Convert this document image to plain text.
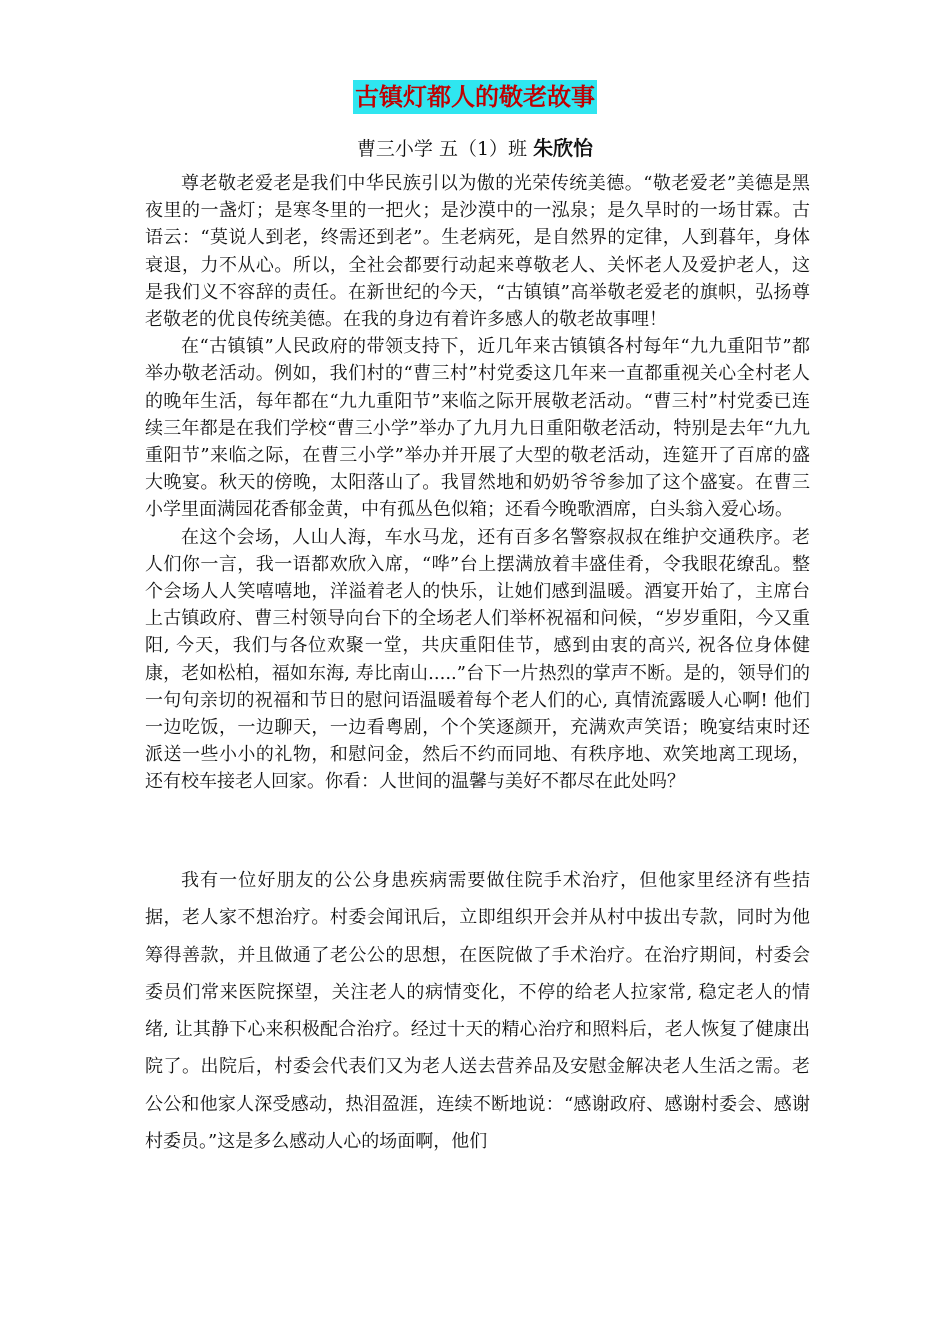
古镇灯都人的敬老故事
曹三小学 五（1）班 朱欣怡

尊老敬老爱老是我们中华民族引以为傲的光荣传统美德。“敬老爱老”美德是黑夜里的一盏灯；是寒冬里的一把火；是沙漠中的一泓泉；是久旱时的一场甘霖。古语云：“莫说人到老，终需还到老”。生老病死，是自然界的定律，人到暮年，身体衰退，力不从心。所以，全社会都要行动起来尊敬老人、关怀老人及爱护老人，这是我们义不容辞的责任。在新世纪的今天，“古镇镇”高举敬老爱老的旗帜，弘扬尊老敬老的优良传统美德。在我的身边有着许多感人的敬老故事哩！

在“古镇镇”人民政府的带领支持下，近几年来古镇镇各村每年“九九重阳节”都举办敬老活动。例如，我们村的“曹三村”村党委这几年来一直都重视关心全村老人的晚年生活，每年都在“九九重阳节”来临之际开展敬老活动。“曹三村”村党委已连续三年都是在我们学校“曹三小学”举办了九月九日重阳敬老活动，特别是去年“九九重阳节”来临之际，在曹三小学”举办并开展了大型的敬老活动，连筵开了百席的盛大晚宴。秋天的傍晚，太阳落山了。我冒然地和奶奶爷爷参加了这个盛宴。在曹三小学里面满园花香郁金黄，中有孤丛色似箱；还看今晚歌酒席，白头翁入爱心场。

在这个会场，人山人海，车水马龙，还有百多名警察叔叔在维护交通秩序。老人们你一言，我一语都欢欣入席，“哗”台上摆满放着丰盛佳肴，令我眼花缭乱。整个会场人人笑嘻嘻地，洋溢着老人的快乐，让她们感到温暖。酒宴开始了，主席台上古镇政府、曹三村领导向台下的全场老人们举杯祝福和问候，“岁岁重阳，今又重阳, 今天，我们与各位欢聚一堂，共庆重阳佳节，感到由衷的高兴, 祝各位身体健康，老如松柏，福如东海, 寿比南山.....”台下一片热烈的掌声不断。是的，领导们的一句句亲切的祝福和节日的慰问语温暖着每个老人们的心, 真情流露暖人心啊! 他们一边吃饭，一边聊天，一边看粤剧，个个笑逐颜开，充满欢声笑语；晚宴结束时还派送一些小小的礼物，和慰问金，然后不约而同地、有秩序地、欢笑地离工现场，还有校车接老人回家。你看：人世间的温馨与美好不都尽在此处吗？

我有一位好朋友的公公身患疾病需要做住院手术治疗，但他家里经济有些拮据，老人家不想治疗。村委会闻讯后，立即组织开会并从村中拔出专款，同时为他筹得善款，并且做通了老公公的思想，在医院做了手术治疗。在治疗期间，村委会委员们常来医院探望，关注老人的病情变化，不停的给老人拉家常, 稳定老人的情绪, 让其静下心来积极配合治疗。经过十天的精心治疗和照料后，老人恢复了健康出院了。出院后，村委会代表们又为老人送去营养品及安慰金解决老人生活之需。老公公和他家人深受感动，热泪盈涯，连续不断地说：“感谢政府、感谢村委会、感谢村委员。”这是多么感动人心的场面啊，他们
